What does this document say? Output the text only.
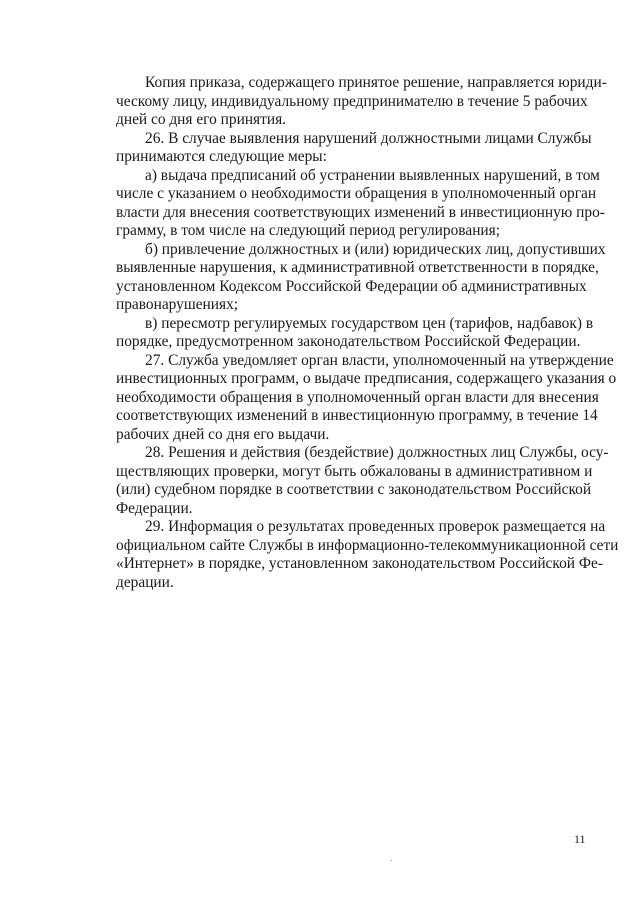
Копия приказа, содержащего принятое решение, направляется юриди-
ческому лицу, индивидуальному предпринимателю в течение 5 рабочих
дней со дня его принятия.

26. В случае выявления нарушений должностными лицами Службы
принимаются следующие меры:

а) выдача предписаний об устранении выявленных нарушений, в том
числе с указанием о необходимости обращения в уполномоченный орган
власти для внесения соответствующих изменений в инвестиционную про-
грамму, в том числе на следующий период регулирования;

б) привлечение должностных и (или) юридических лиц, допустивших
выявленные нарушения, к административной ответственности в порядке,
установленном Кодексом Российской Федерации об административных
правонарушениях;

в) пересмотр регулируемых государством цен (тарифов, надбавок) в
порядке, предусмотренном законодательством Российской Федерации.

27. Служба уведомляет орган власти, уполномоченный на утверждение
инвестиционных программ, о выдаче предписания, содержащего указания о
необходимости обращения в уполномоченный орган власти для внесения
соответствующих изменений в инвестиционную программу, в течение 14
рабочих дней со дня его выдачи.

28. Решения и действия (бездействие) должностных лиц Службы, осу-
ществляющих проверки, могут быть обжалованы в административном и
(или) судебном порядке в соответствии с законодательством Российской
Федерации.

29. Информация о результатах проведенных проверок размещается на
официальном сайте Службы в информационно-телекоммуникационной сети
«Интернет» в порядке, установленном законодательством Российской Фе-
дерации.

11
